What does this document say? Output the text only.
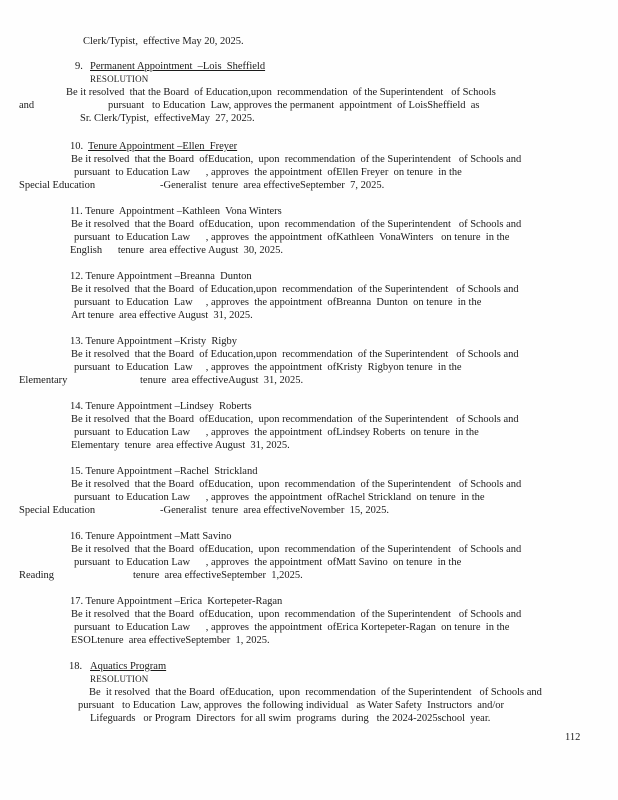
112
Clerk/Typist,  effective May 20, 2025.
9. Permanent Appointment  –Lois  Sheffield
RESOLUTION
Be it resolved  that the Board  of Education,upon  recommendation  of the Superintendent   of Schools
and	pursuant   to Education  Law, approves the permanent  appointment  of LoisSheffield  as
Sr. Clerk/Typist,  effectiveMay  27, 2025.
10. Tenure Appointment –Ellen  Freyer
Be it resolved  that the Board  ofEducation,  upon  recommendation  of the Superintendent   of Schools and
pursuant  to Education Law      , approves  the appointment  ofEllen Freyer  on tenure  in the
Special Education	-Generalist  tenure  area effectiveSeptember  7, 2025.
11. Tenure  Appointment –Kathleen  Vona Winters
Be it resolved  that the Board  ofEducation,  upon  recommendation  of the Superintendent   of Schools and
pursuant  to Education Law      , approves  the appointment  ofKathleen  VonaWinters   on tenure  in the
English      tenure  area effective August  30, 2025.
12. Tenure Appointment –Breanna  Dunton
Be it resolved  that the Board  of Education,upon  recommendation  of the Superintendent   of Schools and
pursuant  to Education  Law     , approves  the appointment  ofBreanna  Dunton  on tenure  in the
Art tenure  area effective August  31, 2025.
13. Tenure Appointment –Kristy  Rigby
Be it resolved  that the Board  of Education,upon  recommendation  of the Superintendent   of Schools and
pursuant  to Education  Law     , approves  the appointment  ofKristy  Rigbyon tenure  in the
Elementary	tenure  area effectiveAugust  31, 2025.
14. Tenure Appointment –Lindsey  Roberts
Be it resolved  that the Board  ofEducation,  upon recommendation  of the Superintendent   of Schools and
pursuant  to Education Law      , approves  the appointment  ofLindsey Roberts  on tenure  in the
Elementary  tenure  area effective August  31, 2025.
15. Tenure Appointment –Rachel  Strickland
Be it resolved  that the Board  ofEducation,  upon  recommendation  of the Superintendent   of Schools and
pursuant  to Education Law      , approves  the appointment  ofRachel Strickland  on tenure  in the
Special Education	-Generalist  tenure  area effectiveNovember  15, 2025.
16. Tenure Appointment –Matt Savino
Be it resolved  that the Board  ofEducation,  upon  recommendation  of the Superintendent   of Schools and
pursuant  to Education Law      , approves  the appointment  ofMatt Savino  on tenure  in the
Reading	tenure  area effectiveSeptember  1,2025.
17. Tenure Appointment –Erica  Kortepeter-Ragan
Be it resolved  that the Board  ofEducation,  upon  recommendation  of the Superintendent   of Schools and
pursuant  to Education Law      , approves  the appointment  ofErica Kortepeter-Ragan  on tenure  in the
ESOLtenure  area effectiveSeptember  1, 2025.
18. Aquatics Program
RESOLUTION
Be  it resolved  that the Board  ofEducation,  upon  recommendation  of the Superintendent   of Schools and
pursuant   to Education  Law, approves  the following individual   as Water Safety  Instructors  and/or
Lifeguards   or Program  Directors  for all swim  programs  during   the 2024-2025school  year.
